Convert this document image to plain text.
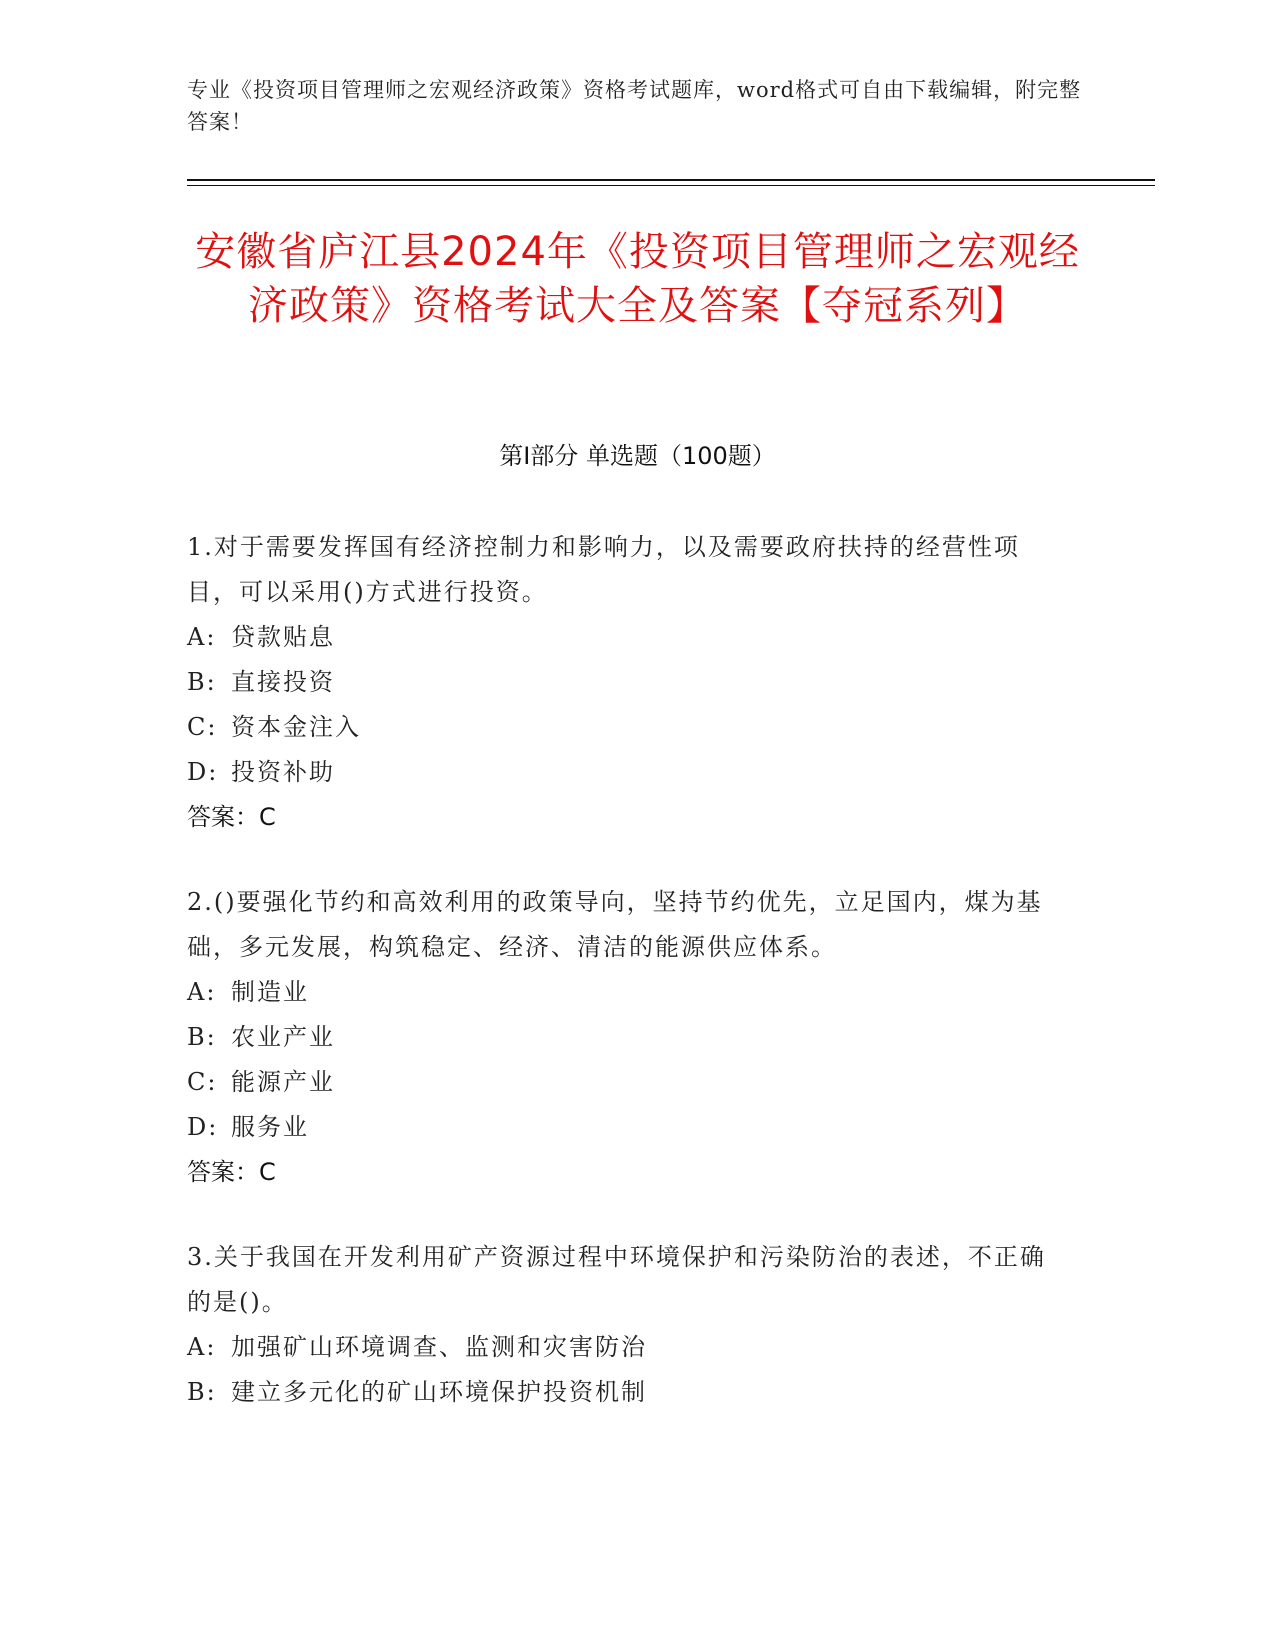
专业《投资项目管理师之宏观经济政策》资格考试题库，word格式可自由下载编辑，附完整答案！
安徽省庐江县2024年《投资项目管理师之宏观经济政策》资格考试大全及答案【夺冠系列】
第Ⅰ部分 单选题（100题）
1.对于需要发挥国有经济控制力和影响力，以及需要政府扶持的经营性项目，可以采用()方式进行投资。
A: 贷款贴息
B: 直接投资
C: 资本金注入
D: 投资补助
答案：C
2.()要强化节约和高效利用的政策导向，坚持节约优先，立足国内，煤为基础，多元发展，构筑稳定、经济、清洁的能源供应体系。
A: 制造业
B: 农业产业
C: 能源产业
D: 服务业
答案：C
3.关于我国在开发利用矿产资源过程中环境保护和污染防治的表述，不正确的是()。
A: 加强矿山环境调查、监测和灾害防治
B: 建立多元化的矿山环境保护投资机制
